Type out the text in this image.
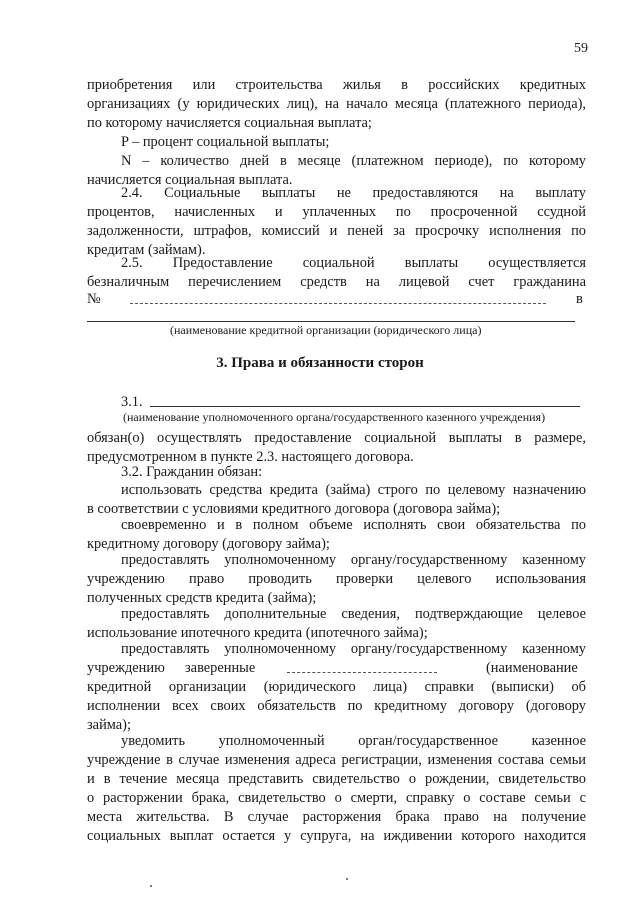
59
приобретения или строительства жилья в российских кредитных
организациях (у юридических лиц), на начало месяца (платежного периода),
по которому начисляется социальная выплата;
P – процент социальной выплаты;
N – количество дней в месяце (платежном периоде), по которому
начисляется социальная выплата.
2.4. Социальные выплаты не предоставляются на выплату
процентов, начисленных и уплаченных по просроченной ссудной
задолженности, штрафов, комиссий и пеней за просрочку исполнения по
кредитам (займам).
2.5. Предоставление социальной выплаты осуществляется
безналичным перечислением средств на лицевой счет гражданина
№	в
(наименование кредитной организации (юридического лица)
3. Права и обязанности сторон
3.1.
(наименование уполномоченного органа/государственного казенного учреждения)
обязан(о) осуществлять предоставление социальной выплаты в размере,
предусмотренном в пункте 2.3. настоящего договора.
3.2. Гражданин обязан:
использовать средства кредита (займа) строго по целевому назначению
в соответствии с условиями кредитного договора (договора займа);
своевременно и в полном объеме исполнять свои обязательства по
кредитному договору (договору займа);
предоставлять уполномоченному органу/государственному казенному
учреждению право проводить проверки целевого использования
полученных средств кредита (займа);
предоставлять дополнительные сведения, подтверждающие целевое
использование ипотечного кредита (ипотечного займа);
предоставлять уполномоченному органу/государственному казенному
учреждению заверенные	(наименование
кредитной организации (юридического лица) справки (выписки) об
исполнении всех своих обязательств по кредитному договору (договору
займа);
уведомить уполномоченный орган/государственное казенное
учреждение в случае изменения адреса регистрации, изменения состава семьи
и в течение месяца представить свидетельство о рождении, свидетельство
о расторжении брака, свидетельство о смерти, справку о составе семьи с
места жительства. В случае расторжения брака право на получение
социальных выплат остается у супруга, на иждивении которого находится
